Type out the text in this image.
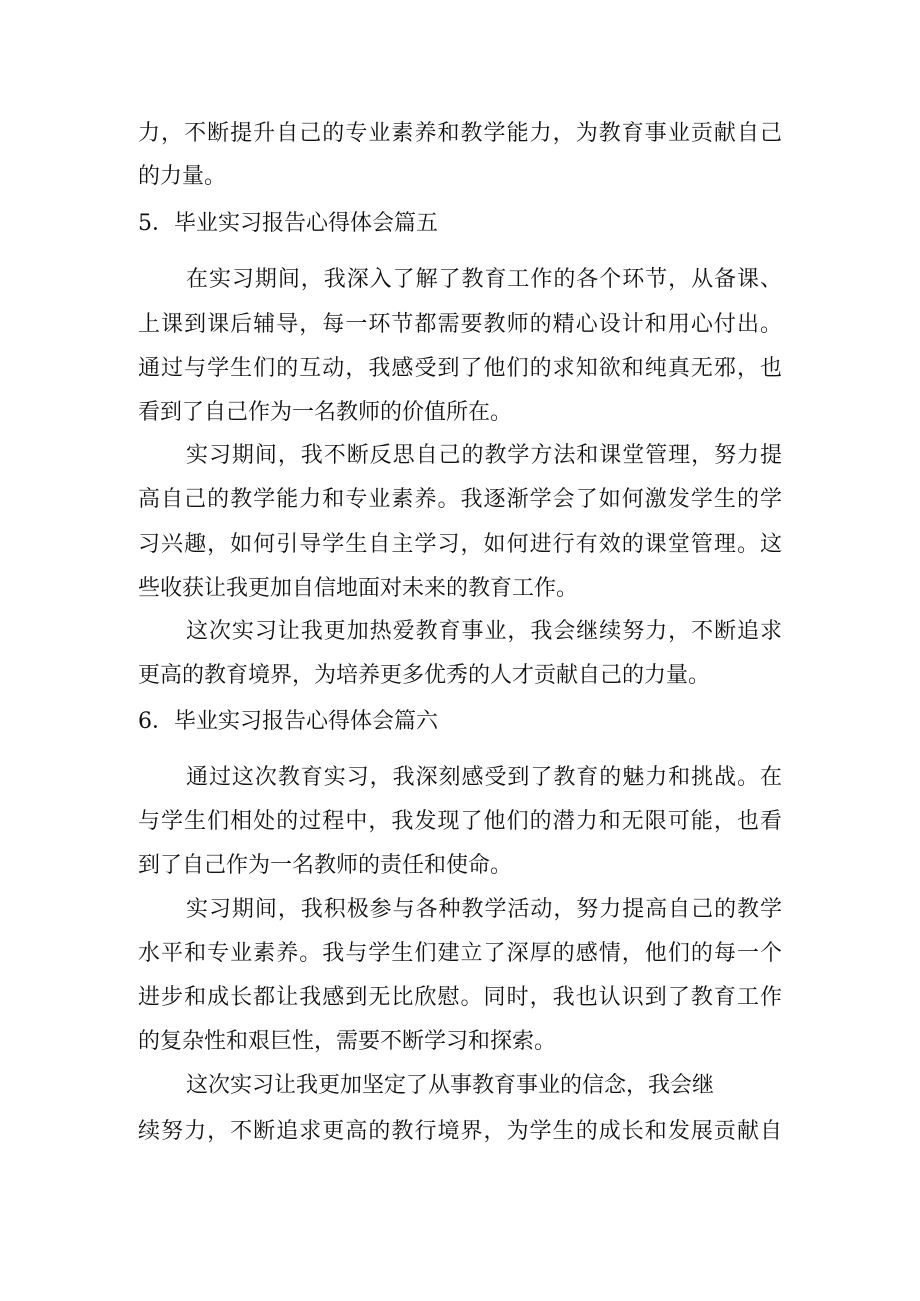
力，不断提升自己的专业素养和教学能力，为教育事业贡献自己
的力量。
5．毕业实习报告心得体会篇五
在实习期间，我深入了解了教育工作的各个环节，从备课、
上课到课后辅导，每一环节都需要教师的精心设计和用心付出。
通过与学生们的互动，我感受到了他们的求知欲和纯真无邪，也
看到了自己作为一名教师的价值所在。
实习期间，我不断反思自己的教学方法和课堂管理，努力提
高自己的教学能力和专业素养。我逐渐学会了如何激发学生的学
习兴趣，如何引导学生自主学习，如何进行有效的课堂管理。这
些收获让我更加自信地面对未来的教育工作。
这次实习让我更加热爱教育事业，我会继续努力，不断追求
更高的教育境界，为培养更多优秀的人才贡献自己的力量。
6．毕业实习报告心得体会篇六
通过这次教育实习，我深刻感受到了教育的魅力和挑战。在
与学生们相处的过程中，我发现了他们的潜力和无限可能，也看
到了自己作为一名教师的责任和使命。
实习期间，我积极参与各种教学活动，努力提高自己的教学
水平和专业素养。我与学生们建立了深厚的感情，他们的每一个
进步和成长都让我感到无比欣慰。同时，我也认识到了教育工作
的复杂性和艰巨性，需要不断学习和探索。
这次实习让我更加坚定了从事教育事业的信念，我会继
续努力，不断追求更高的教行境界，为学生的成长和发展贡献自
